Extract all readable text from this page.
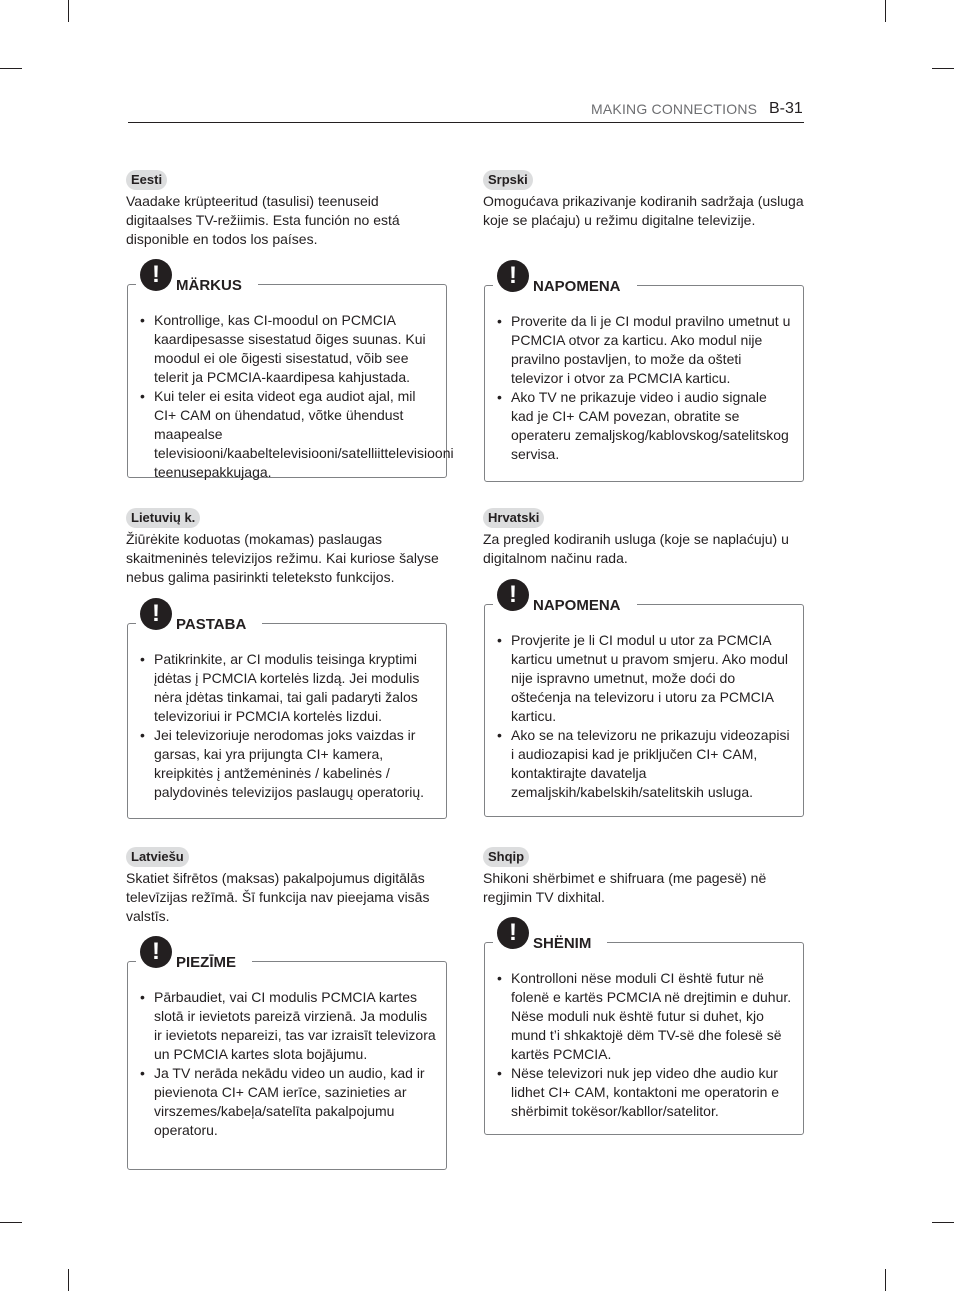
MAKING CONNECTIONS B-31
Eesti
Vaadake krüpteeritud (tasulisi) teenuseid digitaalses TV-režiimis. Esta función no está disponible en todos los países.
!	MÄRKUS
• Kontrollige, kas CI-moodul on PCMCIA kaardipesasse sisestatud õiges suunas. Kui moodul ei ole õigesti sisestatud, võib see telerit ja PCMCIA-kaardipesa kahjustada.
• Kui teler ei esita videot ega audiot ajal, mil CI+ CAM on ühendatud, võtke ühendust maapealse televisiooni/kaabeltelevisiooni/satelliittelevisiooni teenusepakkujaga.
Srpski
Omogućava prikazivanje kodiranih sadržaja (usluga koje se plaćaju) u režimu digitalne televizije.
!	NAPOMENA
• Proverite da li je CI modul pravilno umetnut u PCMCIA otvor za karticu. Ako modul nije pravilno postavljen, to može da ošteti televizor i otvor za PCMCIA karticu.
• Ako TV ne prikazuje video i audio signale kad je CI+ CAM povezan, obratite se operateru zemaljskog/kablovskog/satelitskog servisa.
Lietuvių k.
Žiūrėkite koduotas (mokamas) paslaugas skaitmeninės televizijos režimu. Kai kuriose šalyse nebus galima pasirinkti teleteksto funkcijos.
!	PASTABA
• Patikrinkite, ar CI modulis teisinga kryptimi įdėtas į PCMCIA kortelės lizdą. Jei modulis nėra įdėtas tinkamai, tai gali padaryti žalos televizoriui ir PCMCIA kortelės lizdui.
• Jei televizoriuje nerodomas joks vaizdas ir garsas, kai yra prijungta CI+ kamera, kreipkitės į antžemėninės / kabelinės / palydovinės televizijos paslaugų operatorių.
Hrvatski
Za pregled kodiranih usluga (koje se naplaćuju) u digitalnom načinu rada.
!	NAPOMENA
• Provjerite je li CI modul u utor za PCMCIA karticu umetnut u pravom smjeru. Ako modul nije ispravno umetnut, može doći do oštećenja na televizoru i utoru za PCMCIA karticu.
• Ako se na televizoru ne prikazuju videozapisi i audiozapisi kad je priključen CI+ CAM, kontaktirajte davatelja zemaljskih/kabelskih/satelitskih usluga.
Latviešu
Skatiet šifrētos (maksas) pakalpojumus digitālās televīzijas režīmā. Šī funkcija nav pieejama visās valstīs.
!	PIEZĪME
• Pārbaudiet, vai CI modulis PCMCIA kartes slotā ir ievietots pareizā virzienā. Ja modulis ir ievietots nepareizi, tas var izraisīt televizora un PCMCIA kartes slota bojājumu.
• Ja TV nerāda nekādu video un audio, kad ir pievienota CI+ CAM ierīce, sazinieties ar virszemes/kabeļa/satelīta pakalpojumu operatoru.
Shqip
Shikoni shërbimet e shifruara (me pagesë) në regjimin TV dixhital.
!	SHËNIM
• Kontrolloni nëse moduli CI është futur në folenë e kartës PCMCIA në drejtimin e duhur. Nëse moduli nuk është futur si duhet, kjo mund t’i shkaktojë dëm TV-së dhe folesë së kartës PCMCIA.
• Nëse televizori nuk jep video dhe audio kur lidhet CI+ CAM, kontaktoni me operatorin e shërbimit tokësor/kabllor/satelitor.
